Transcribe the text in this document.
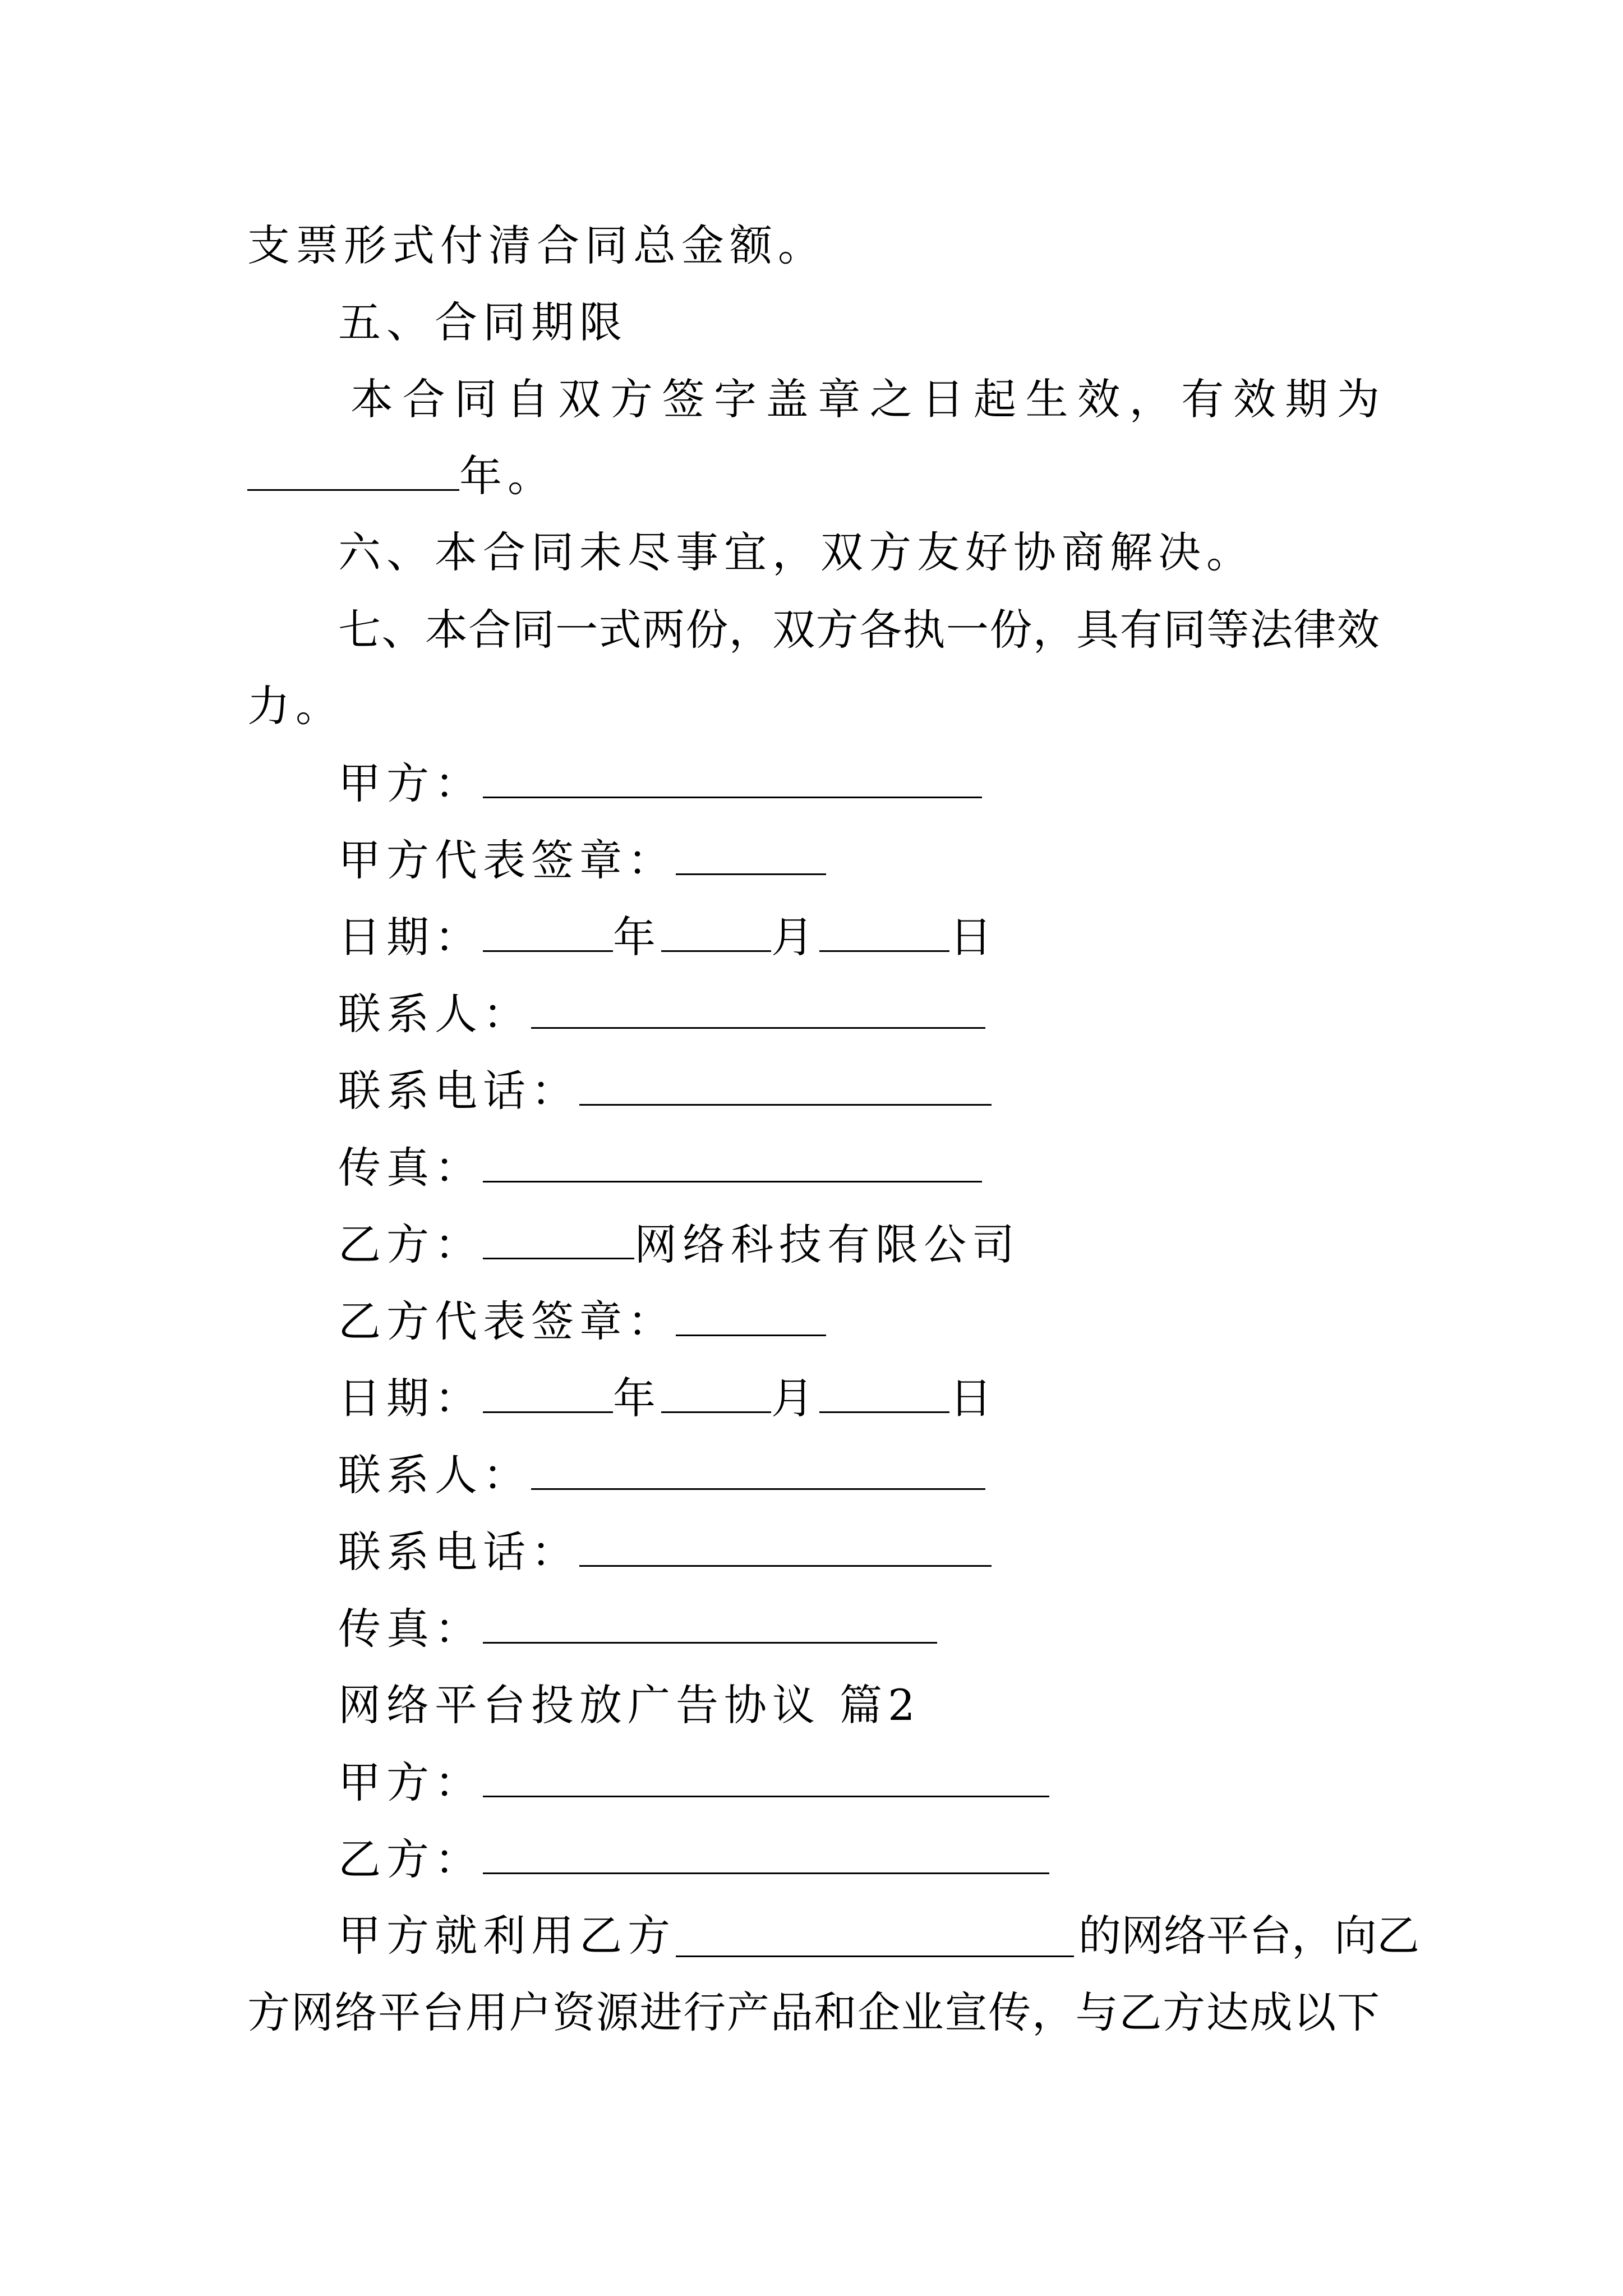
支票形式付清合同总金额。
五、合同期限
本 合 同 自 双 方 签 字 盖 章 之 日 起 生 效 ， 有 效 期 为
年。
六、本合同未尽事宜，双方友好协商解决。
七 、 本 合 同 一 式 两 份 ， 双 方 各 执 一 份 ， 具 有 同 等 法 律 效
力。
甲方：
甲方代表签章：
日期：	年	月	日
联系人：
联系电话：
传真：
乙方：	网络科技有限公司
乙方代表签章：
日期：	年	月	日
联系人：
联系电话：
传真：
网络平台投放广告协议 篇2
甲方：
乙方：
甲方就利用乙方	的 网 络 平 台 ， 向 乙
方 网 络 平 台 用 户 资 源 进 行 产 品 和 企 业 宣 传 ， 与 乙 方 达 成 以 下
